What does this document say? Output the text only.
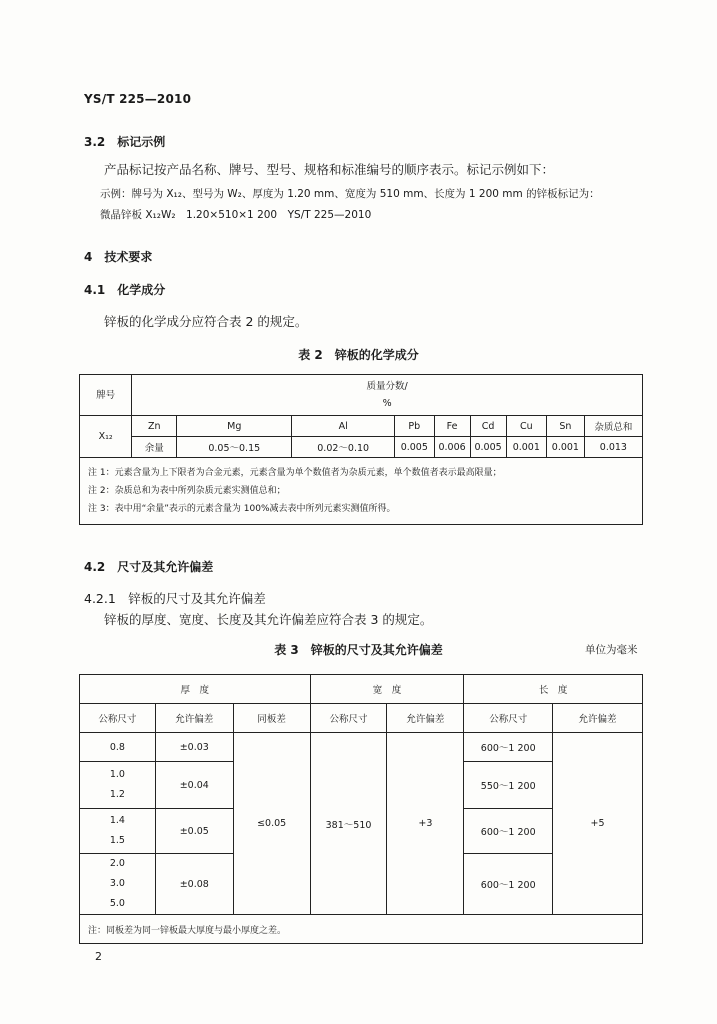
YS/T 225—2010
3.2　标记示例
产品标记按产品名称、牌号、型号、规格和标准编号的顺序表示。标记示例如下：
示例：牌号为 X₁₂、型号为 W₂、厚度为 1.20 mm、宽度为 510 mm、长度为 1 200 mm 的锌板标记为：
微晶锌板 X₁₂W₂　1.20×510×1 200　YS/T 225—2010
4　技术要求
4.1　化学成分
锌板的化学成分应符合表 2 的规定。
表 2　锌板的化学成分
牌号	质量分数/
%								

X₁₂	Zn	Mg	Al	Pb	Fe	Cd	Cu	Sn	杂质总和
	余量	0.05～0.15	0.02～0.10	0.005	0.006	0.005	0.001	0.001	0.013

注 1：元素含量为上下限者为合金元素，元素含量为单个数值者为杂质元素，单个数值者表示最高限量；
注 2：杂质总和为表中所列杂质元素实测值总和；
注 3：表中用“余量”表示的元素含量为 100%减去表中所列元素实测值所得。									
4.2　尺寸及其允许偏差
4.2.1　锌板的尺寸及其允许偏差
锌板的厚度、宽度、长度及其允许偏差应符合表 3 的规定。
表 3　锌板的尺寸及其允许偏差	单位为毫米
厚　度			宽　度		长　度	
公称尺寸	允许偏差	同板差	公称尺寸	允许偏差	公称尺寸	允许偏差
0.8	±0.03	≤0.05	381～510	+3	600～1 200	+5

1.0
1.2	±0.04				550～1 200	

1.4
1.5	±0.05				600～1 200	

2.0
3.0
5.0	±0.08				600～1 200	
注：同板差为同一锌板最大厚度与最小厚度之差。						
2
